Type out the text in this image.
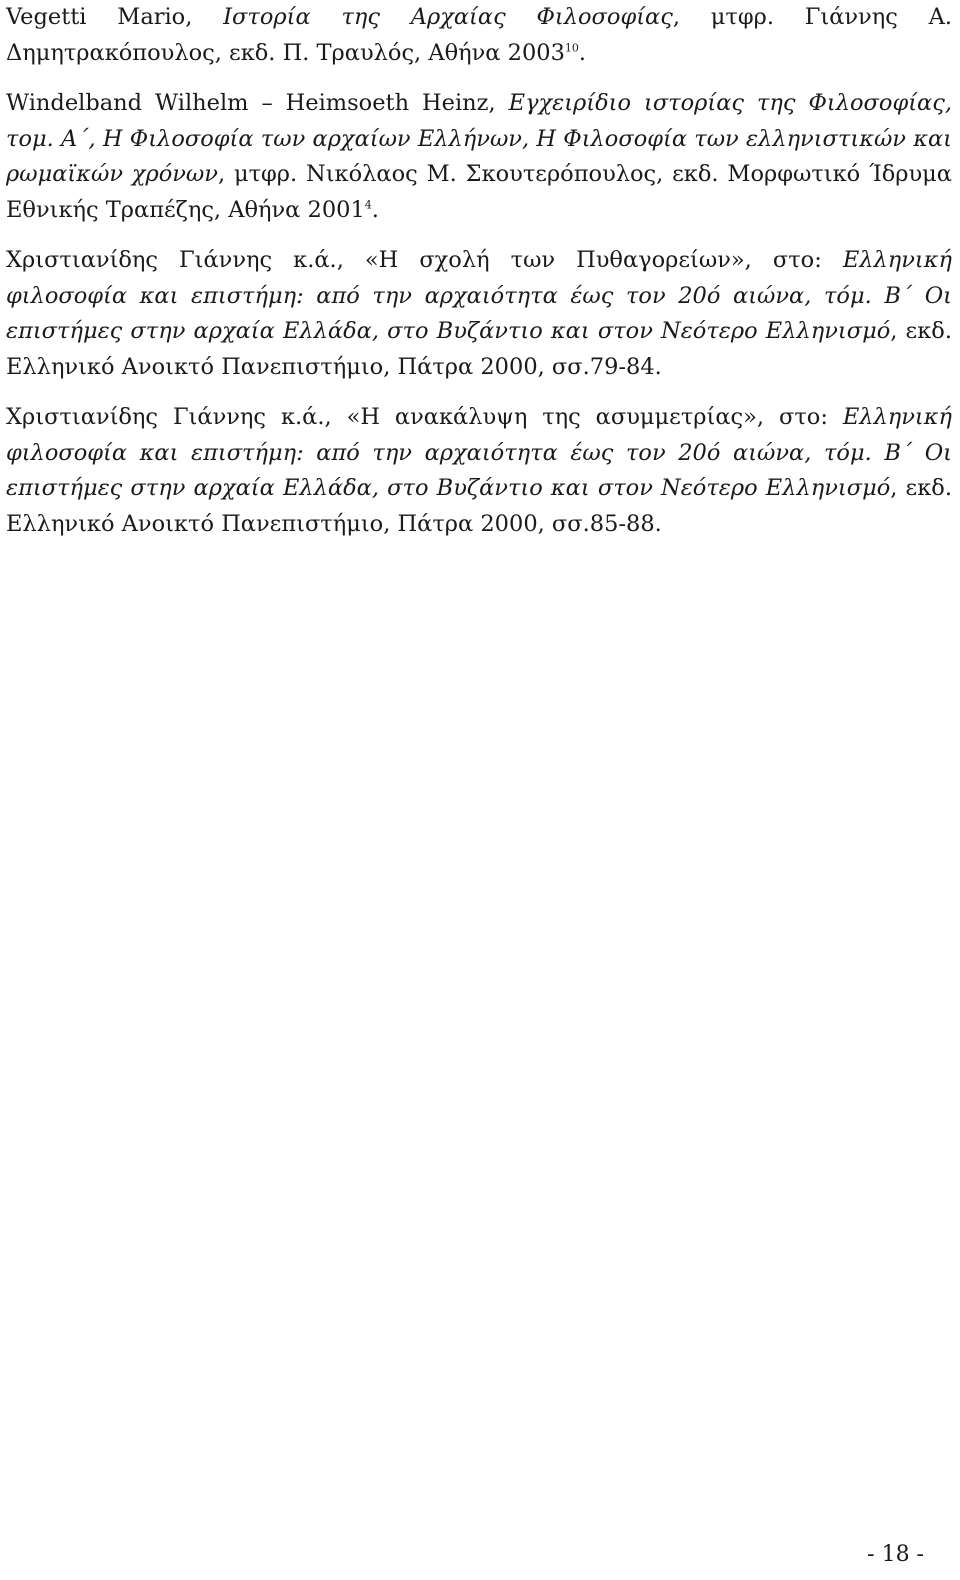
Vegetti Mario, Ιστορία της Αρχαίας Φιλοσοφίας, μτφρ. Γιάννης Α. Δημητρακόπουλος, εκδ. Π. Τραυλός, Αθήνα 2003$^{10}$.

Windelband Wilhelm – Heimsoeth Heinz, Εγχειρίδιο ιστορίας της Φιλοσοφίας, τομ. Α΄, Η Φιλοσοφία των αρχαίων Ελλήνων, Η Φιλοσοφία των ελληνιστικών και ρωμαϊκών χρόνων, μτφρ. Νικόλαος Μ. Σκουτερόπουλος, εκδ. Μορφωτικό Ίδρυμα Εθνικής Τραπέζης, Αθήνα 2001$^4$.

Χριστιανίδης Γιάννης κ.ά., «Η σχολή των Πυθαγορείων», στο: Ελληνική φιλοσοφία και επιστήμη: από την αρχαιότητα έως τον 20ό αιώνα, τόμ. Β΄ Οι επιστήμες στην αρχαία Ελλάδα, στο Βυζάντιο και στον Νεότερο Ελληνισμό, εκδ. Ελληνικό Ανοικτό Πανεπιστήμιο, Πάτρα 2000, σσ.79-84.

Χριστιανίδης Γιάννης κ.ά., «Η ανακάλυψη της ασυμμετρίας», στο: Ελληνική φιλοσοφία και επιστήμη: από την αρχαιότητα έως τον 20ό αιώνα, τόμ. Β΄ Οι επιστήμες στην αρχαία Ελλάδα, στο Βυζάντιο και στον Νεότερο Ελληνισμό, εκδ. Ελληνικό Ανοικτό Πανεπιστήμιο, Πάτρα 2000, σσ.85-88.

- 18 -
